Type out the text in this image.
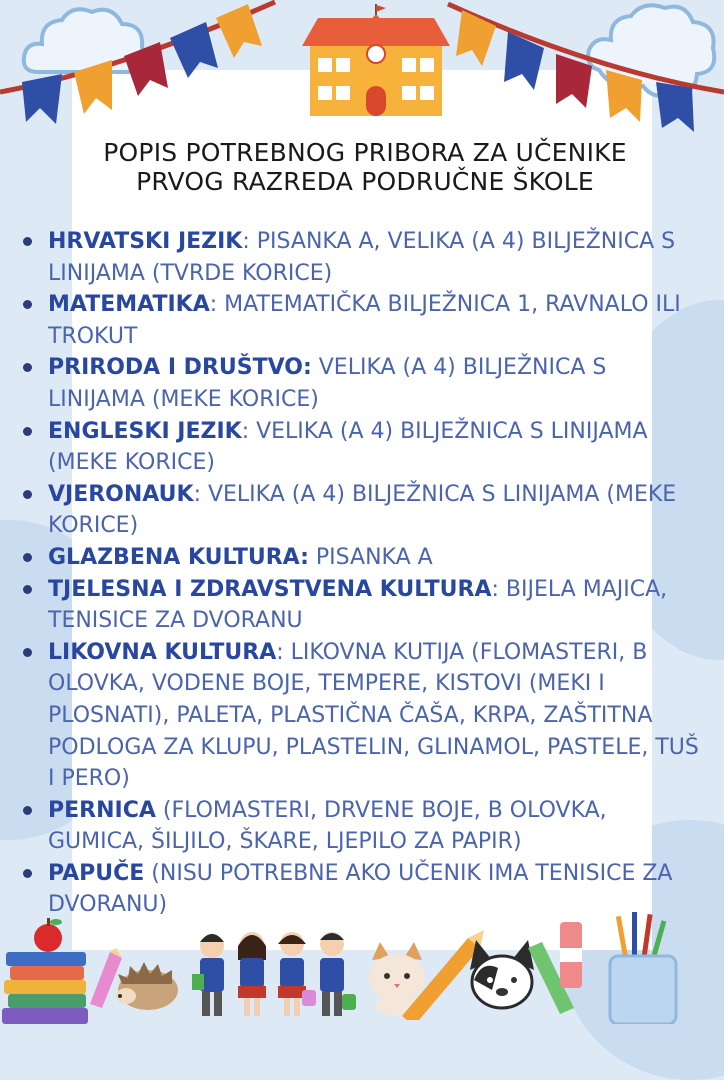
POPIS POTREBNOG PRIBORA ZA UČENIKE PRVOG RAZREDA PODRUČNE ŠKOLE
HRVATSKI JEZIK: PISANKA A, VELIKA (A 4) BILJEŽNICA S LINIJAMA (TVRDE KORICE)
MATEMATIKA: MATEMATIČKA BILJEŽNICA 1, RAVNALO ILI TROKUT
PRIRODA I DRUŠTVO: VELIKA (A 4) BILJEŽNICA S LINIJAMA (MEKE KORICE)
ENGLESKI JEZIK: VELIKA (A 4) BILJEŽNICA S LINIJAMA (MEKE KORICE)
VJERONAUK: VELIKA (A 4) BILJEŽNICA S LINIJAMA (MEKE KORICE)
GLAZBENA KULTURA: PISANKA A
TJELESNA I ZDRAVSTVENA KULTURA: BIJELA MAJICA, TENISICE ZA DVORANU
LIKOVNA KULTURA: LIKOVNA KUTIJA (FLOMASTERI, B OLOVKA, VODENE BOJE, TEMPERE, KISTOVI (MEKI I PLOSNATI), PALETA, PLASTIČNA ČAŠA, KRPA, ZAŠTITNA PODLOGA ZA KLUPU, PLASTELIN, GLINAMOL, PASTELE, TUŠ I PERO)
PERNICA (FLOMASTERI, DRVENE BOJE, B OLOVKA, GUMICA, ŠILJILO, ŠKARE, LJEPILO ZA PAPIR)
PAPUČE (NISU POTREBNE AKO UČENIK IMA TENISICE ZA DVORANU)
